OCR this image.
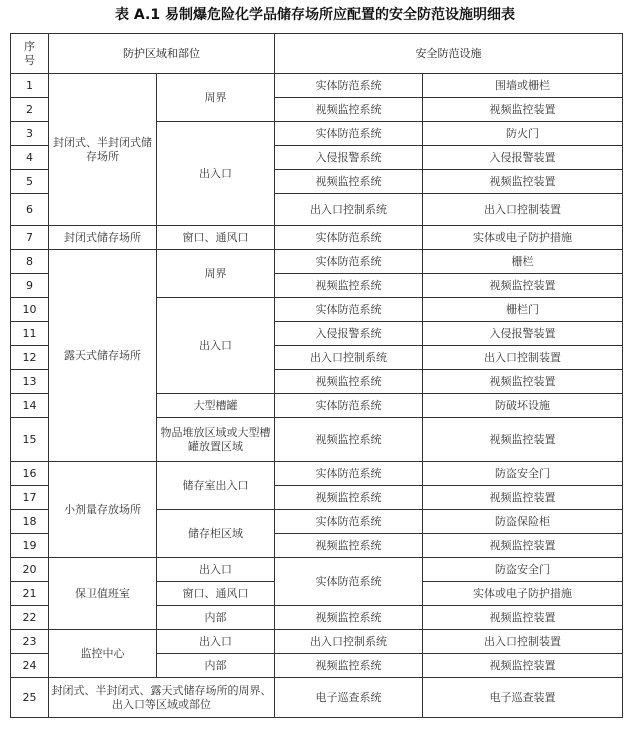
表 A.1 易制爆危险化学品储存场所应配置的安全防范设施明细表
序
号	防护区域和部位		安全防范设施	
1	封闭式、半封闭式储存场所	周界	实体防范系统	围墙或栅栏
2			视频监控系统	视频监控装置
3		出入口	实体防范系统	防火门
4			入侵报警系统	入侵报警装置
5			视频监控系统	视频监控装置
6			出入口控制系统	出入口控制装置
7	封闭式储存场所	窗口、通风口	实体防范系统	实体或电子防护措施
8	露天式储存场所	周界	实体防范系统	栅栏
9			视频监控系统	视频监控装置
10		出入口	实体防范系统	栅栏门
11			入侵报警系统	入侵报警装置
12			出入口控制系统	出入口控制装置
13			视频监控系统	视频监控装置
14		大型槽罐	实体防范系统	防破坏设施
15		物品堆放区域或大型槽罐放置区域	视频监控系统	视频监控装置
16	小剂量存放场所	储存室出入口	实体防范系统	防盗安全门
17			视频监控系统	视频监控装置
18		储存柜区域	实体防范系统	防盗保险柜
19			视频监控系统	视频监控装置
20	保卫值班室	出入口	实体防范系统	防盗安全门
21		窗口、通风口		实体或电子防护措施
22		内部	视频监控系统	视频监控装置
23	监控中心	出入口	出入口控制系统	出入口控制装置
24		内部	视频监控系统	视频监控装置
25	封闭式、半封闭式、露天式储存场所的周界、出入口等区域或部位		电子巡查系统	电子巡查装置
